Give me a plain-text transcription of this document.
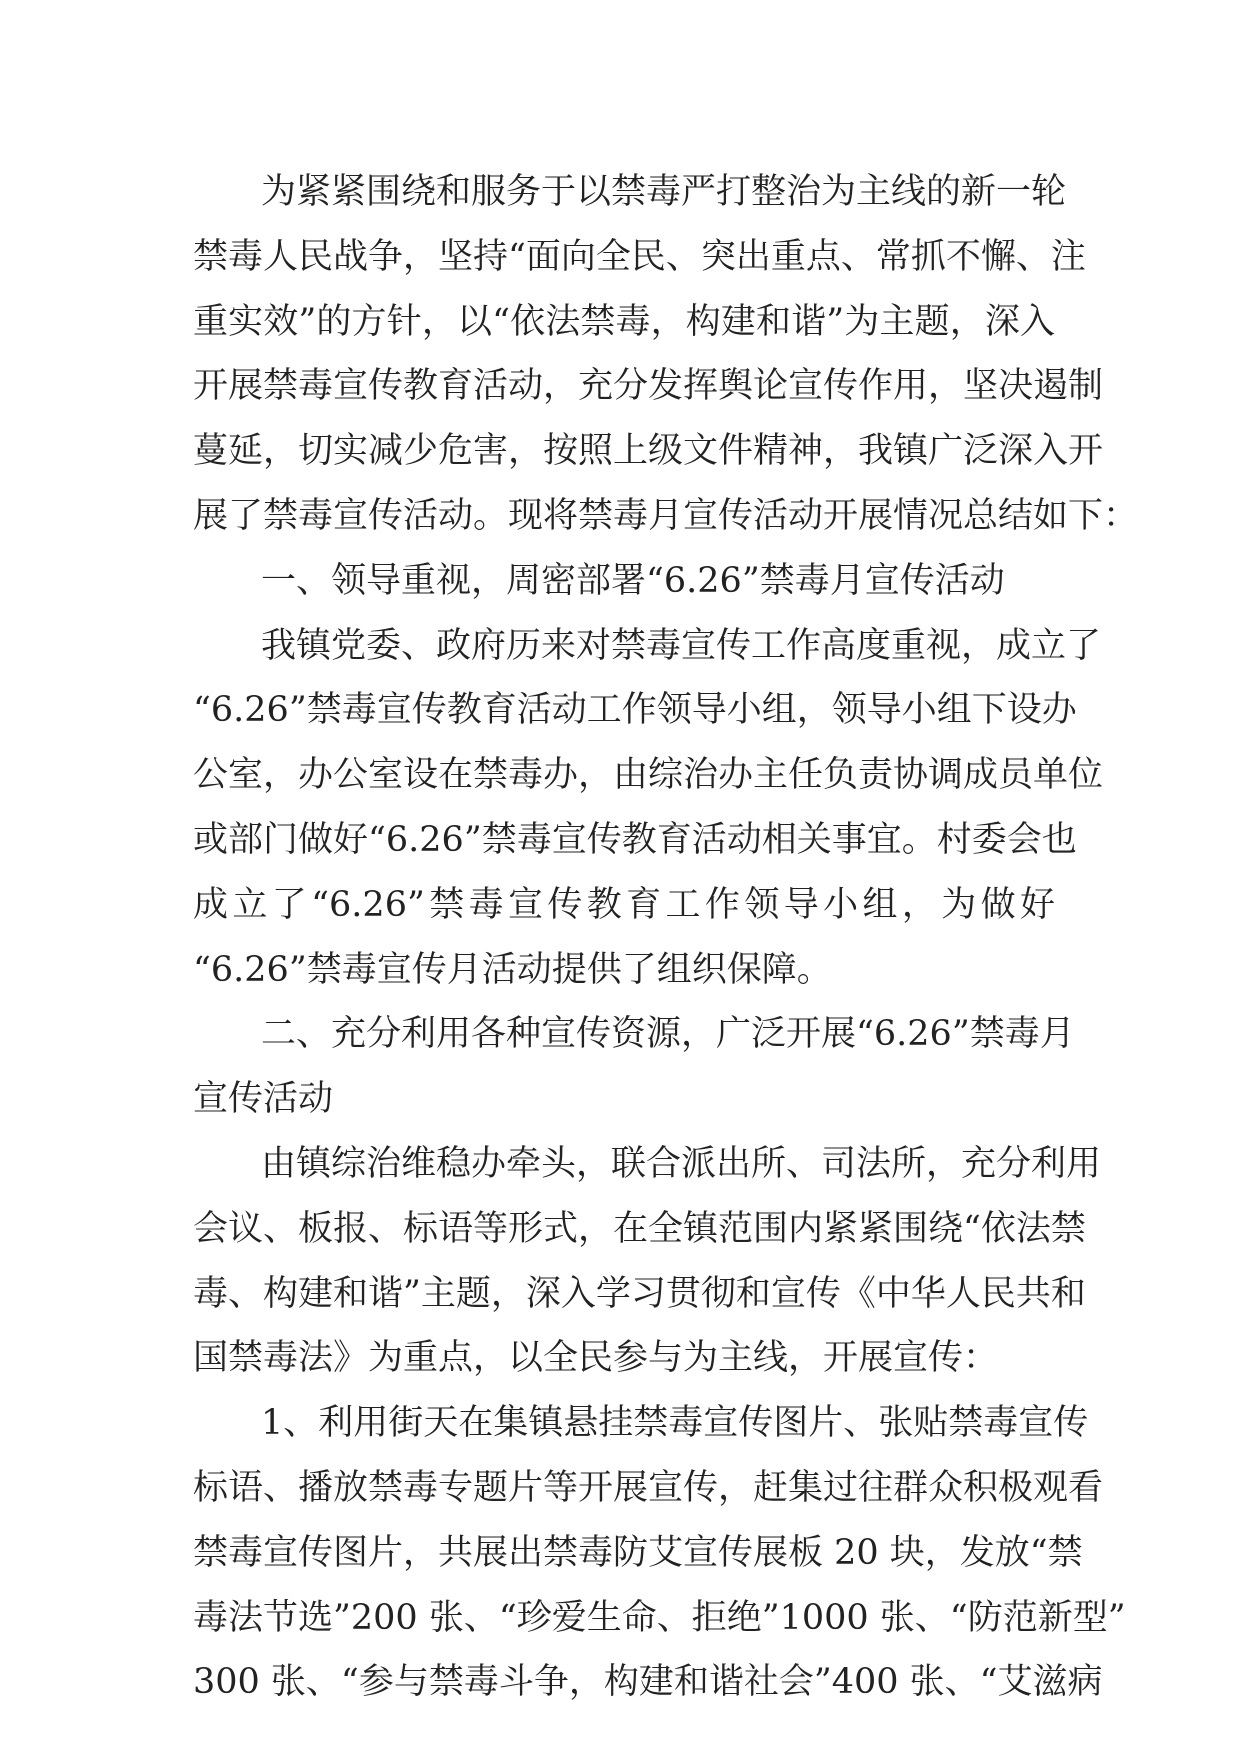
为紧紧围绕和服务于以禁毒严打整治为主线的新一轮
禁毒人民战争，坚持“面向全民、突出重点、常抓不懈、注
重实效”的方针，以“依法禁毒，构建和谐”为主题，深入
开展禁毒宣传教育活动，充分发挥舆论宣传作用，坚决遏制
蔓延，切实减少危害，按照上级文件精神，我镇广泛深入开
展了禁毒宣传活动。现将禁毒月宣传活动开展情况总结如下：
一、领导重视，周密部署“6.26”禁毒月宣传活动
我镇党委、政府历来对禁毒宣传工作高度重视，成立了
“6.26”禁毒宣传教育活动工作领导小组，领导小组下设办
公室，办公室设在禁毒办，由综治办主任负责协调成员单位
或部门做好“6.26”禁毒宣传教育活动相关事宜。村委会也
成立了“6.26”禁毒宣传教育工作领导小组，为做好
“6.26”禁毒宣传月活动提供了组织保障。
二、充分利用各种宣传资源，广泛开展“6.26”禁毒月
宣传活动
由镇综治维稳办牵头，联合派出所、司法所，充分利用
会议、板报、标语等形式，在全镇范围内紧紧围绕“依法禁
毒、构建和谐”主题，深入学习贯彻和宣传《中华人民共和
国禁毒法》为重点，以全民参与为主线，开展宣传：
1、利用街天在集镇悬挂禁毒宣传图片、张贴禁毒宣传
标语、播放禁毒专题片等开展宣传，赶集过往群众积极观看
禁毒宣传图片，共展出禁毒防艾宣传展板 20 块，发放“禁
毒法节选”200 张、“珍爱生命、拒绝”1000 张、“防范新型”
300 张、“参与禁毒斗争，构建和谐社会”400 张、“艾滋病
